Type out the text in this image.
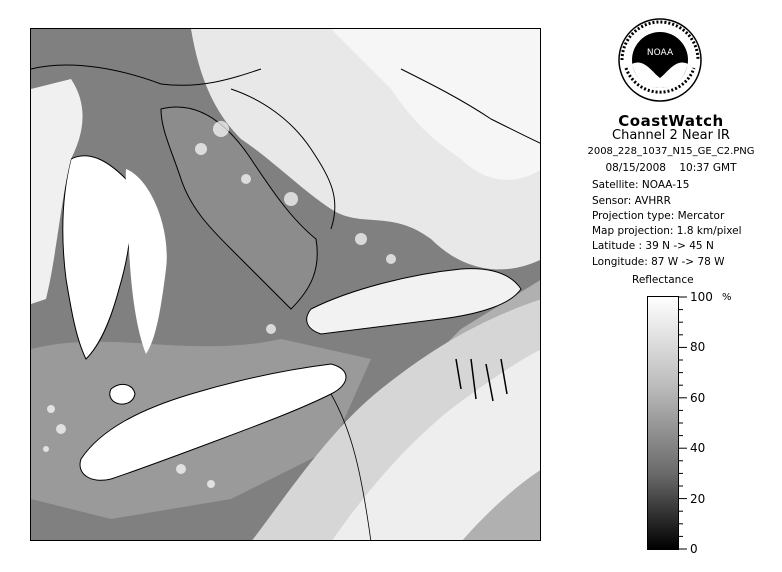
NOAA
CoastWatch
Channel 2 Near IR
2008_228_1037_N15_GE_C2.PNG
08/15/2008 10:37 GMT
Satellite: NOAA-15
Sensor: AVHRR
Projection type: Mercator
Map projection: 1.8 km/pixel
Latitude : 39 N -> 45 N
Longitude: 87 W -> 78 W
Reflectance
%
100
80
60
40
20
0
